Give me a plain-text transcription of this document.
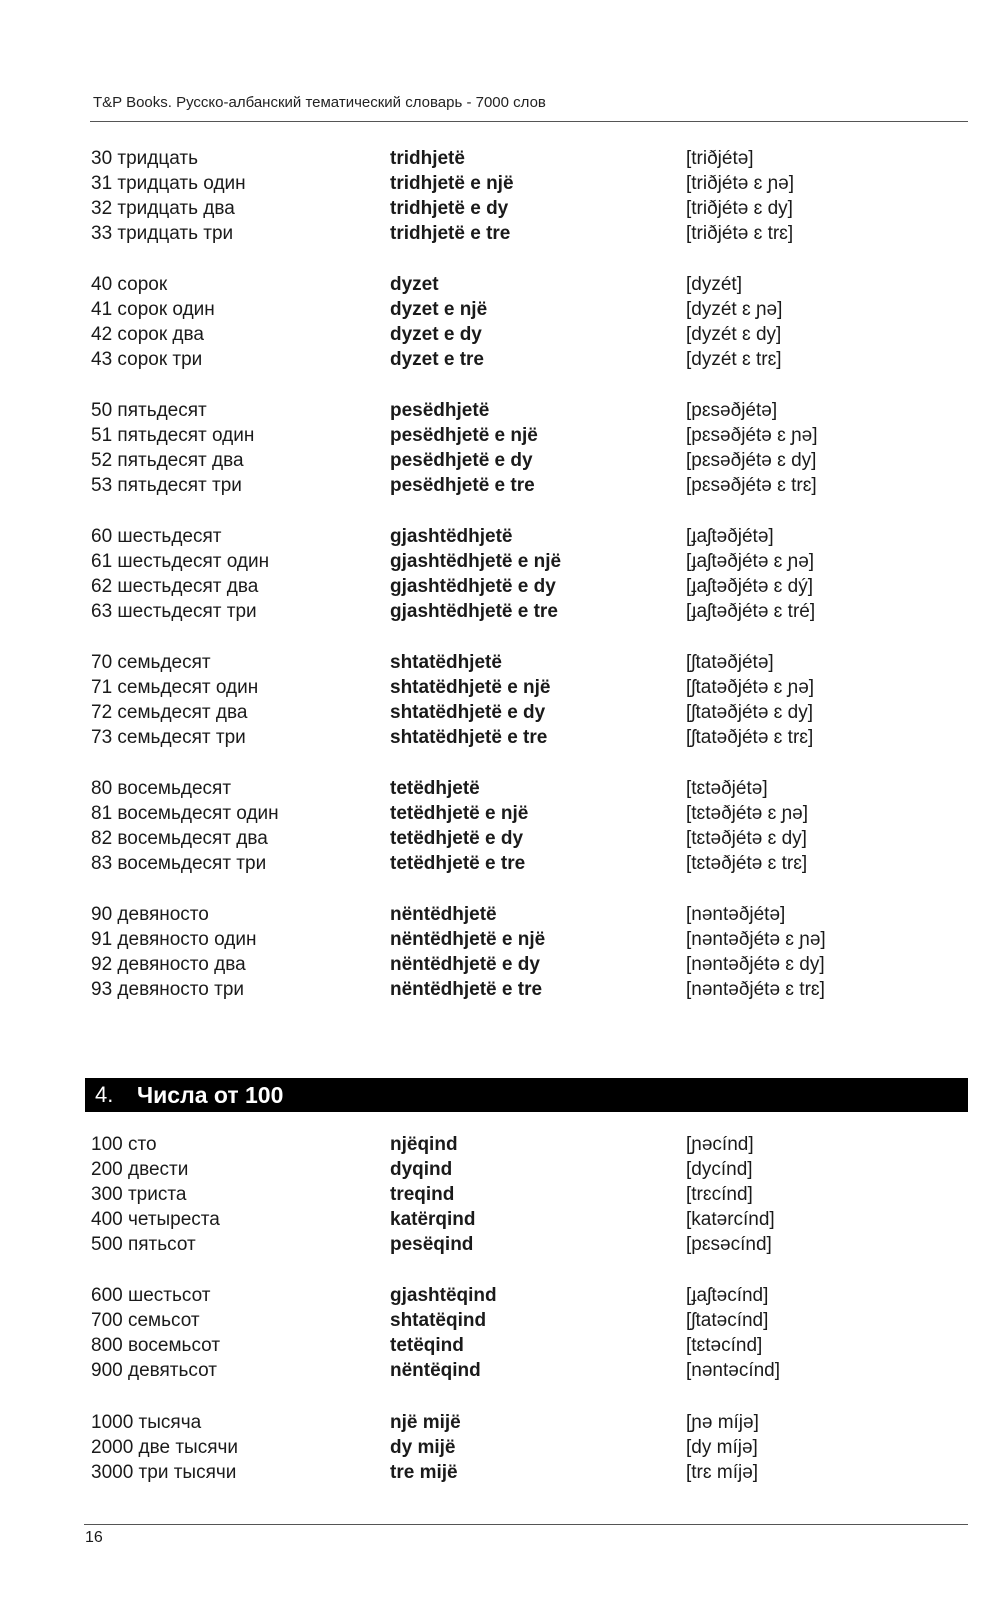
T&P Books. Русско-албанский тематический словарь - 7000 слов
30 тридцать	tridhjetë	[triðjétə]
31 тридцать один	tridhjetë e një	[triðjétə ɛ ɲə]
32 тридцать два	tridhjetë e dy	[triðjétə ɛ dy]
33 тридцать три	tridhjetë e tre	[triðjétə ɛ trɛ]
40 сорок	dyzet	[dyzét]
41 сорок один	dyzet e një	[dyzét ɛ ɲə]
42 сорок два	dyzet e dy	[dyzét ɛ dy]
43 сорок три	dyzet e tre	[dyzét ɛ trɛ]
50 пятьдесят	pesëdhjetë	[pɛsəðjétə]
51 пятьдесят один	pesëdhjetë e një	[pɛsəðjétə ɛ ɲə]
52 пятьдесят два	pesëdhjetë e dy	[pɛsəðjétə ɛ dy]
53 пятьдесят три	pesëdhjetë e tre	[pɛsəðjétə ɛ trɛ]
60 шестьдесят	gjashtëdhjetë	[ɟaʃtəðjétə]
61 шестьдесят один	gjashtëdhjetë e një	[ɟaʃtəðjétə ɛ ɲə]
62 шестьдесят два	gjashtëdhjetë e dy	[ɟaʃtəðjétə ɛ dý]
63 шестьдесят три	gjashtëdhjetë e tre	[ɟaʃtəðjétə ɛ tré]
70 семьдесят	shtatëdhjetë	[ʃtatəðjétə]
71 семьдесят один	shtatëdhjetë e një	[ʃtatəðjétə ɛ ɲə]
72 семьдесят два	shtatëdhjetë e dy	[ʃtatəðjétə ɛ dy]
73 семьдесят три	shtatëdhjetë e tre	[ʃtatəðjétə ɛ trɛ]
80 восемьдесят	tetëdhjetë	[tɛtəðjétə]
81 восемьдесят один	tetëdhjetë e një	[tɛtəðjétə ɛ ɲə]
82 восемьдесят два	tetëdhjetë e dy	[tɛtəðjétə ɛ dy]
83 восемьдесят три	tetëdhjetë e tre	[tɛtəðjétə ɛ trɛ]
90 девяносто	nëntëdhjetë	[nəntəðjétə]
91 девяносто один	nëntëdhjetë e një	[nəntəðjétə ɛ ɲə]
92 девяносто два	nëntëdhjetë e dy	[nəntəðjétə ɛ dy]
93 девяносто три	nëntëdhjetë e tre	[nəntəðjétə ɛ trɛ]
4. Числа от 100
100 сто	njëqind	[ɲəcínd]
200 двести	dyqind	[dycínd]
300 триста	treqind	[trɛcínd]
400 четыреста	katërqind	[katərcínd]
500 пятьсот	pesëqind	[pɛsəcínd]
600 шестьсот	gjashtëqind	[ɟaʃtəcínd]
700 семьсот	shtatëqind	[ʃtatəcínd]
800 восемьсот	tetëqind	[tɛtəcínd]
900 девятьсот	nëntëqind	[nəntəcínd]
1000 тысяча	një mijë	[ɲə míjə]
2000 две тысячи	dy mijë	[dy míjə]
3000 три тысячи	tre mijë	[trɛ míjə]
16
